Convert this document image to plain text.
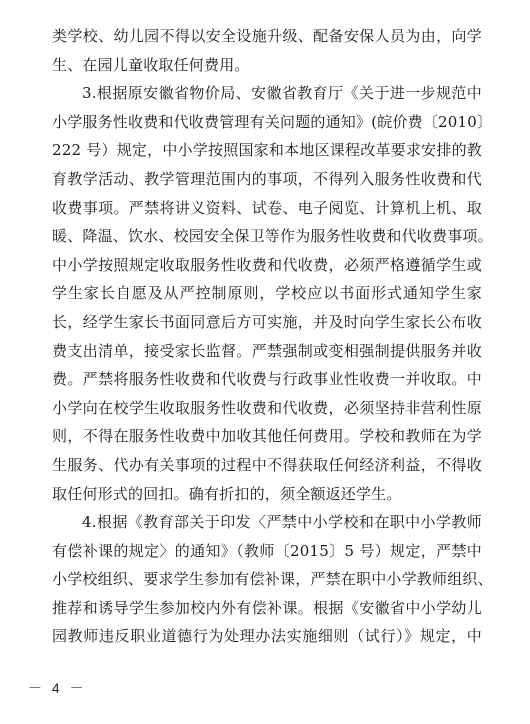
类学校、幼儿园不得以安全设施升级、配备安保人员为由，向学
生、在园儿童收取任何费用。
3.根据原安徽省物价局、安徽省教育厅《关于进一步规范中
小学服务性收费和代收费管理有关问题的通知》(皖价费〔2010〕
222 号）规定，中小学按照国家和本地区课程改革要求安排的教
育教学活动、教学管理范围内的事项，不得列入服务性收费和代
收费事项。严禁将讲义资料、试卷、电子阅览、计算机上机、取
暖、降温、饮水、校园安全保卫等作为服务性收费和代收费事项。
中小学按照规定收取服务性收费和代收费，必须严格遵循学生或
学生家长自愿及从严控制原则，学校应以书面形式通知学生家
长，经学生家长书面同意后方可实施，并及时向学生家长公布收
费支出清单，接受家长监督。严禁强制或变相强制提供服务并收
费。严禁将服务性收费和代收费与行政事业性收费一并收取。中
小学向在校学生收取服务性收费和代收费，必须坚持非营利性原
则，不得在服务性收费中加收其他任何费用。学校和教师在为学
生服务、代办有关事项的过程中不得获取任何经济利益，不得收
取任何形式的回扣。确有折扣的，须全额返还学生。
4.根据《教育部关于印发〈严禁中小学校和在职中小学教师
有偿补课的规定〉的通知》（教师〔2015〕5 号）规定，严禁中
小学校组织、要求学生参加有偿补课，严禁在职中小学教师组织、
推荐和诱导学生参加校内外有偿补课。根据《安徽省中小学幼儿
园教师违反职业道德行为处理办法实施细则（试行）》规定，中
－ 4 －
